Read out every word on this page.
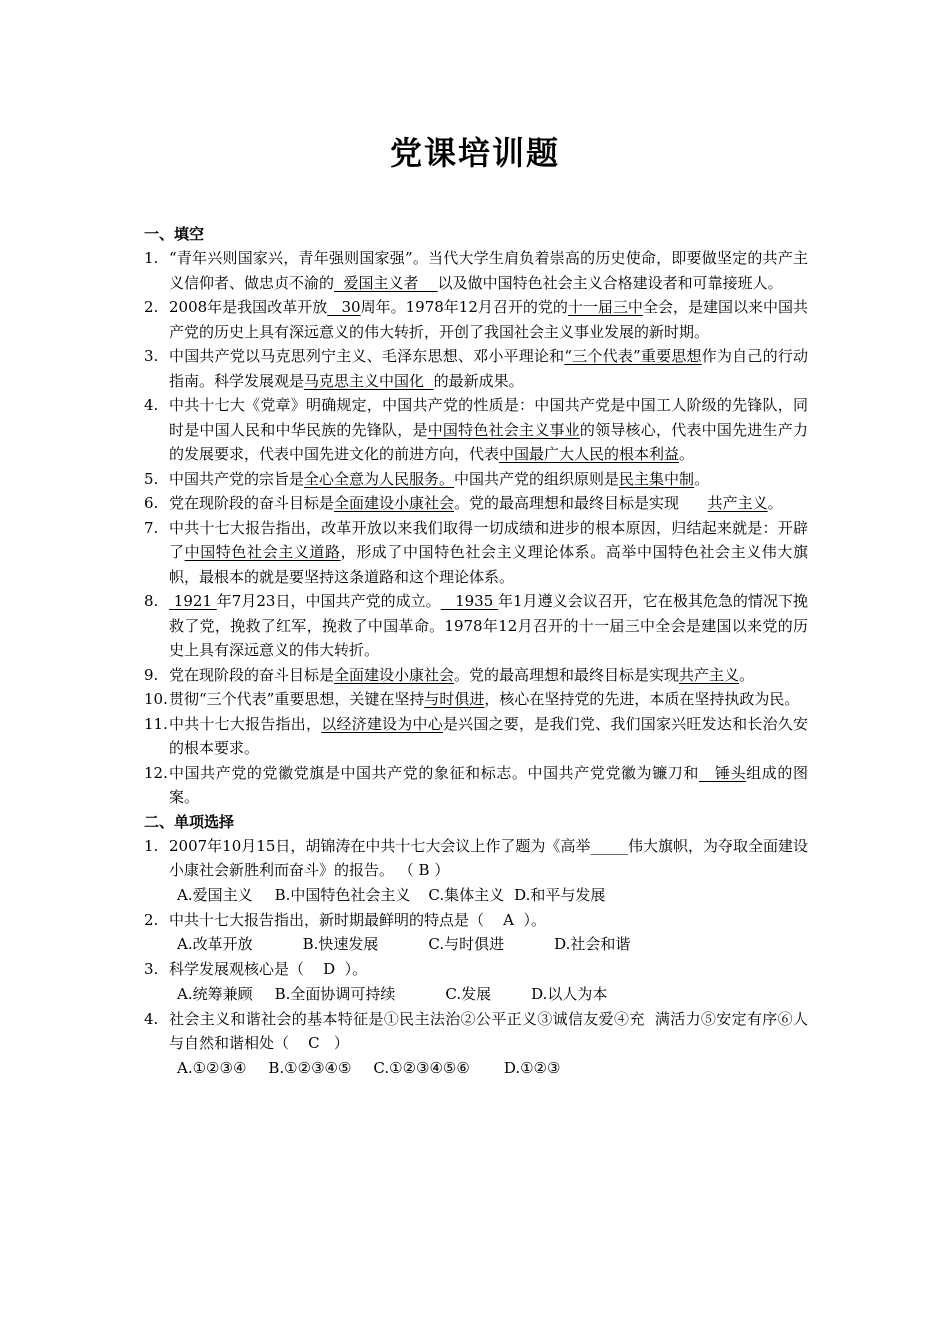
党课培训题
一、填空
1. “青年兴则国家兴，青年强则国家强”。当代大学生肩负着崇高的历史使命，即要做坚定的共产主义信仰者、做忠贞不渝的  爱国主义者    以及做中国特色社会主义合格建设者和可靠接班人。
2. 2008年是我国改革开放   30周年。1978年12月召开的党的十一届三中全会，是建国以来中国共产党的历史上具有深远意义的伟大转折，开创了我国社会主义事业发展的新时期。
3. 中国共产党以马克思列宁主义、毛泽东思想、邓小平理论和“三个代表”重要思想作为自己的行动指南。科学发展观是马克思主义中国化  的最新成果。
4. 中共十七大《党章》明确规定，中国共产党的性质是：中国共产党是中国工人阶级的先锋队，同时是中国人民和中华民族的先锋队，是中国特色社会主义事业的领导核心，代表中国先进生产力的发展要求，代表中国先进文化的前进方向，代表中国最广大人民的根本利益。
5. 中国共产党的宗旨是全心全意为人民服务。中国共产党的组织原则是民主集中制。
6. 党在现阶段的奋斗目标是全面建设小康社会。党的最高理想和最终目标是实现      共产主义。
7. 中共十七大报告指出，改革开放以来我们取得一切成绩和进步的根本原因，归结起来就是：开辟了中国特色社会主义道路，形成了中国特色社会主义理论体系。高举中国特色社会主义伟大旗帜，最根本的就是要坚持这条道路和这个理论体系。
8. 1921 年7月23日，中国共产党的成立。   1935 年1月遵义会议召开，它在极其危急的情况下挽救了党，挽救了红军，挽救了中国革命。1978年12月召开的十一届三中全会是建国以来党的历史上具有深远意义的伟大转折。
9. 党在现阶段的奋斗目标是全面建设小康社会。党的最高理想和最终目标是实现共产主义。
10. 贯彻“三个代表”重要思想，关键在坚持与时俱进，核心在坚持党的先进，本质在坚持执政为民。
11. 中共十七大报告指出，以经济建设为中心是兴国之要，是我们党、我们国家兴旺发达和长治久安的根本要求。
12. 中国共产党的党徽党旗是中国共产党的象征和标志。中国共产党党徽为镰刀和   锤头组成的图案。
二、单项选择
1. 2007年10月15日，胡锦涛在中共十七大会议上作了题为《高举_____伟大旗帜，为夺取全面建设小康社会新胜利而奋斗》的报告。 （ B ）
A.爱国主义 B.中国特色社会主义 C.集体主义 D.和平与发展
2. 中共十七大报告指出，新时期最鲜明的特点是（    A  ）。
A.改革开放	B.快速发展	C.与时俱进	D.社会和谐
3. 科学发展观核心是（    D  ）。
A.统筹兼顾 B.全面协调可持续	C.发展	D.以人为本
4. 社会主义和谐社会的基本特征是①民主法治②公平正义③诚信友爱④充  满活力⑤安定有序⑥人与自然和谐相处（    C   ）
A.①②③④ B.①②③④⑤ C.①②③④⑤⑥ D.①②③
